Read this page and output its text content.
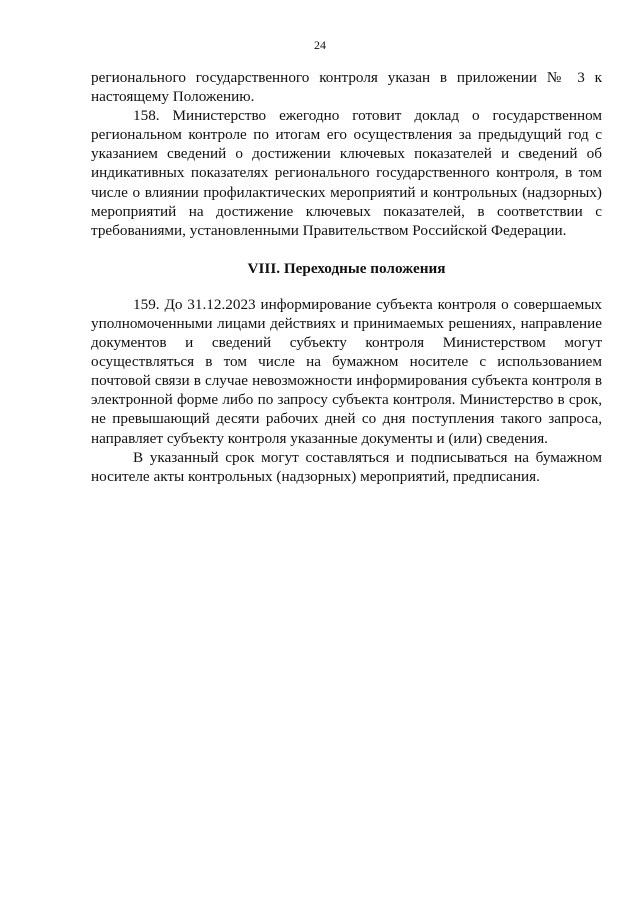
24

регионального государственного контроля указан в приложении № 3 к настоящему Положению.

158. Министерство ежегодно готовит доклад о государственном региональном контроле по итогам его осуществления за предыдущий год с указанием сведений о достижении ключевых показателей и сведений об индикативных показателях регионального государственного контроля, в том числе о влиянии профилактических мероприятий и контрольных (надзорных) мероприятий на достижение ключевых показателей, в соответствии с требованиями, установленными Правительством Российской Федерации.

VIII. Переходные положения

159. До 31.12.2023 информирование субъекта контроля о совершаемых уполномоченными лицами действиях и принимаемых решениях, направление документов и сведений субъекту контроля Министерством могут осуществляться в том числе на бумажном носителе с использованием почтовой связи в случае невозможности информирования субъекта контроля в электронной форме либо по запросу субъекта контроля. Министерство в срок, не превышающий десяти рабочих дней со дня поступления такого запроса, направляет субъекту контроля указанные документы и (или) сведения.

В указанный срок могут составляться и подписываться на бумажном носителе акты контрольных (надзорных) мероприятий, предписания.
